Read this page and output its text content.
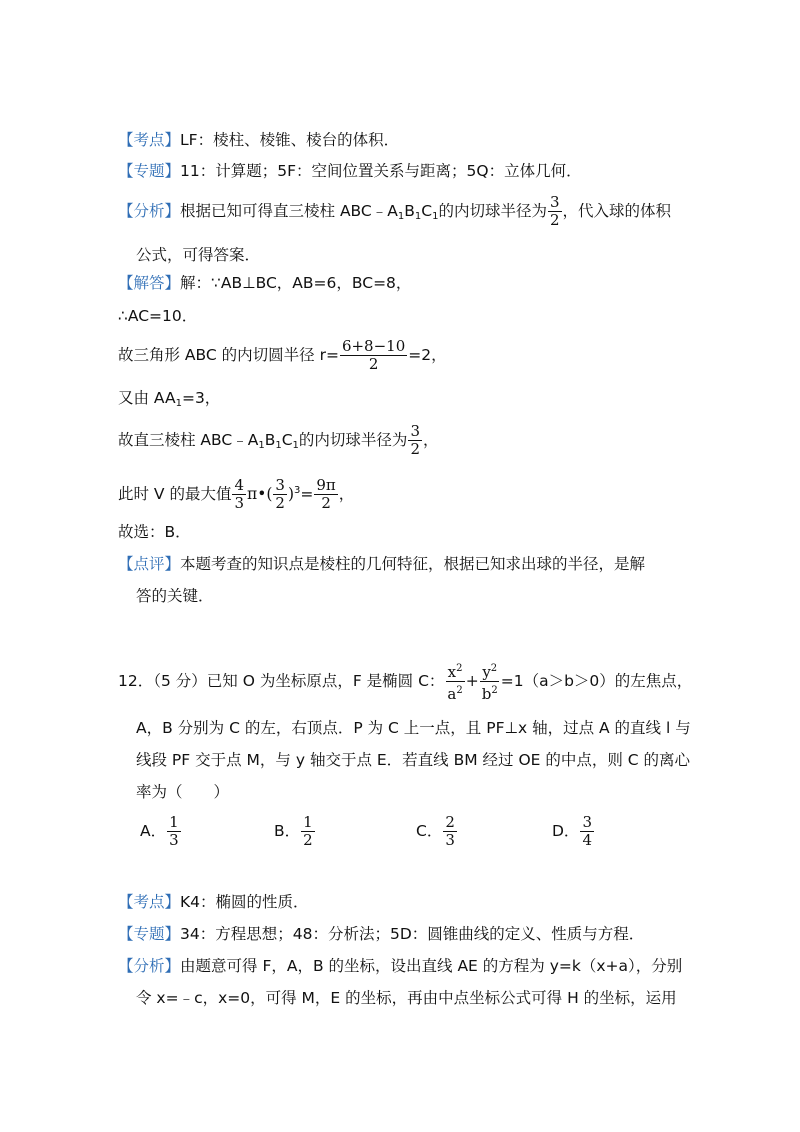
【考点】LF：棱柱、棱锥、棱台的体积．
【专题】11：计算题；5F：空间位置关系与距离；5Q：立体几何．
【分析】根据已知可得直三棱柱 $ABC﹣A_1B_1C_1$的内切球半径为 $\frac{3}{2}$ ，代入球的体积
公式，可得答案．
【解答】解：∵AB⊥BC，AB=6，BC=8，
∴AC=10．
故三角形 ABC 的内切圆半径 $r= \frac{6+8-10}{2} =2$，
又由 $AA_1=3$，
故直三棱柱 $ABC﹣A_1B_1C_1$的内切球半径为 $\frac{3}{2}$ ，
此时 V 的最大值 $\frac{4}{3}$ π•( $\frac{3}{2} )^3= \frac{9\pi}{2}$ ，
故选：B．
【点评】本题考查的知识点是棱柱的几何特征，根据已知求出球的半径，是解
答的关键．
12．（5 分）已知 O 为坐标原点，F 是椭圆 C： $\frac{x^2}{a^2} + \frac{y^2}{b^2} =1(a>b>0)$的左焦点，
A，B 分别为 C 的左，右顶点．P 为 C 上一点，且 PF⊥x 轴，过点 A 的直线 l 与
线段 PF 交于点 M，与 y 轴交于点 E．若直线 BM 经过 OE 的中点，则 C 的离心
率为（　　）
A． $\frac{1}{3}$	B． $\frac{1}{2}$	C． $\frac{2}{3}$	D． $\frac{3}{4}$
【考点】K4：椭圆的性质．
【专题】34：方程思想；48：分析法；5D：圆锥曲线的定义、性质与方程．
【分析】由题意可得 F，A，B 的坐标，设出直线 AE 的方程为 y=k（x+a），分别
令 x=﹣c，x=0，可得 M，E 的坐标，再由中点坐标公式可得 H 的坐标，运用
